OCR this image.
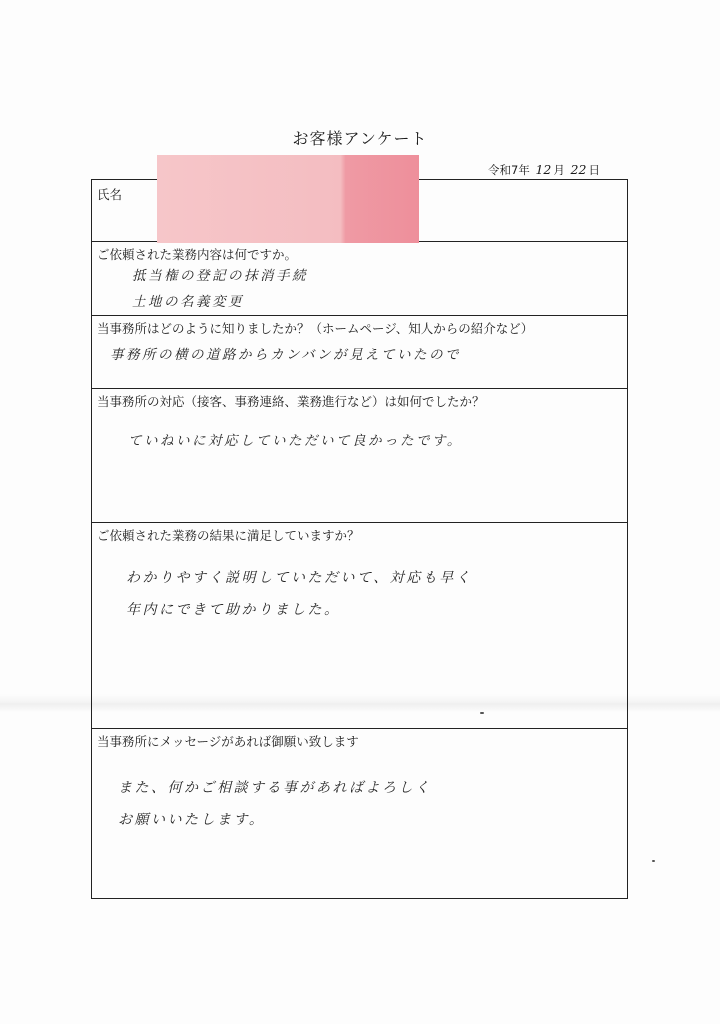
お客様アンケート
令和7年 12 月 22 日
氏名
ご依頼された業務内容は何ですか。
抵当権の登記の抹消手続
土地の名義変更
当事務所はどのように知りましたか？（ホームページ、知人からの紹介など）
事務所の横の道路からカンバンが見えていたので
当事務所の対応（接客、事務連絡、業務進行など）は如何でしたか？
ていねいに対応していただいて良かったです。
ご依頼された業務の結果に満足していますか？
わかりやすく説明していただいて、対応も早く
年内にできて助かりました。
当事務所にメッセージがあれば御願い致します
また、何かご相談する事があればよろしく
お願いいたします。
